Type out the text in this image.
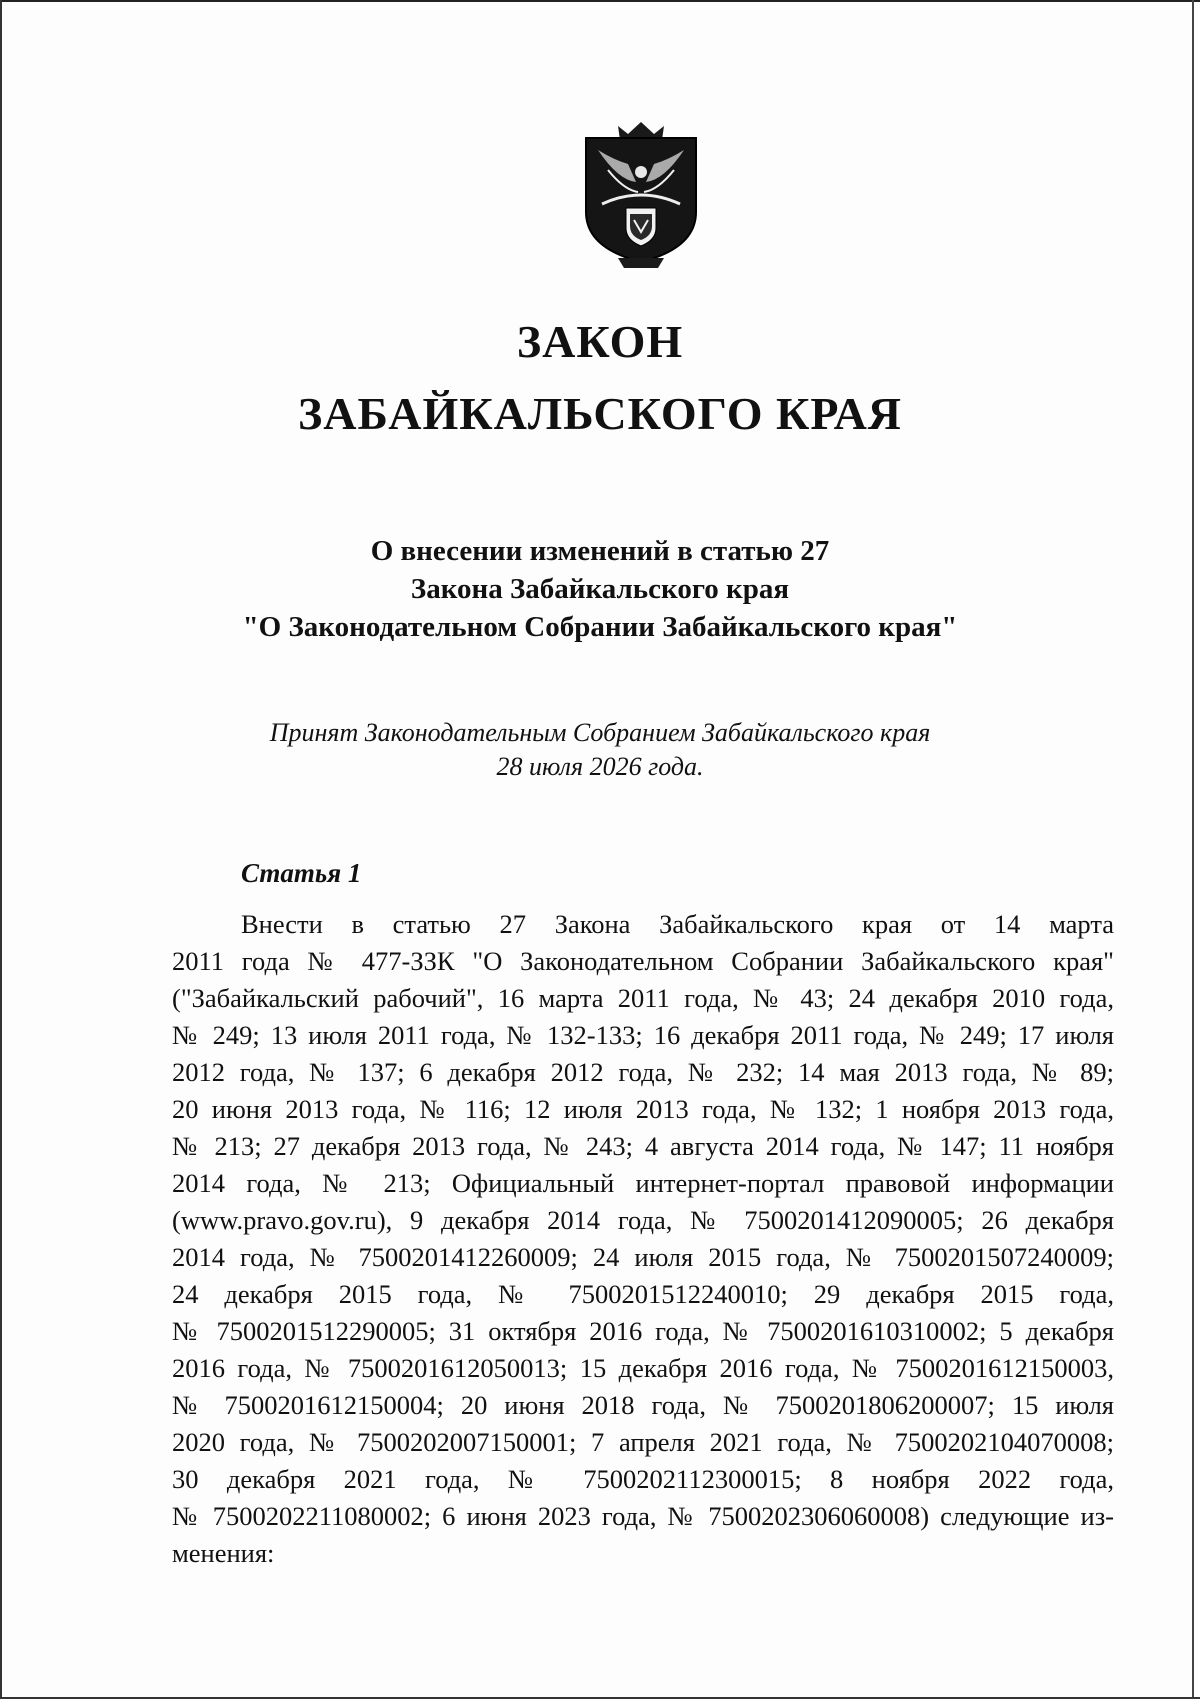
ЗАКОН
ЗАБАЙКАЛЬСКОГО КРАЯ
О внесении изменений в статью 27
Закона Забайкальского края
"О Законодательном Собрании Забайкальского края"
Принят Законодательным Собранием Забайкальского края
28 июля 2026 года.
Статья 1
Внести в статью 27 Закона Забайкальского края от 14 марта
2011 года № 477-ЗЗК "О Законодательном Собрании Забайкальского края"
("Забайкальский рабочий", 16 марта 2011 года, № 43; 24 декабря 2010 года,
№ 249; 13 июля 2011 года, № 132-133; 16 декабря 2011 года, № 249; 17 июля
2012 года, № 137; 6 декабря 2012 года, № 232; 14 мая 2013 года, № 89;
20 июня 2013 года, № 116; 12 июля 2013 года, № 132; 1 ноября 2013 года,
№ 213; 27 декабря 2013 года, № 243; 4 августа 2014 года, № 147; 11 ноября
2014 года, № 213; Официальный интернет-портал правовой информации
(www.pravo.gov.ru), 9 декабря 2014 года, № 7500201412090005; 26 декабря
2014 года, № 7500201412260009; 24 июля 2015 года, № 7500201507240009;
24 декабря 2015 года, № 7500201512240010; 29 декабря 2015 года,
№ 7500201512290005; 31 октября 2016 года, № 7500201610310002; 5 декабря
2016 года, № 7500201612050013; 15 декабря 2016 года, № 7500201612150003,
№ 7500201612150004; 20 июня 2018 года, № 7500201806200007; 15 июля
2020 года, № 7500202007150001; 7 апреля 2021 года, № 7500202104070008;
30 декабря 2021 года, № 7500202112300015; 8 ноября 2022 года,
№ 7500202211080002; 6 июня 2023 года, № 7500202306060008) следующие из-
менения:
